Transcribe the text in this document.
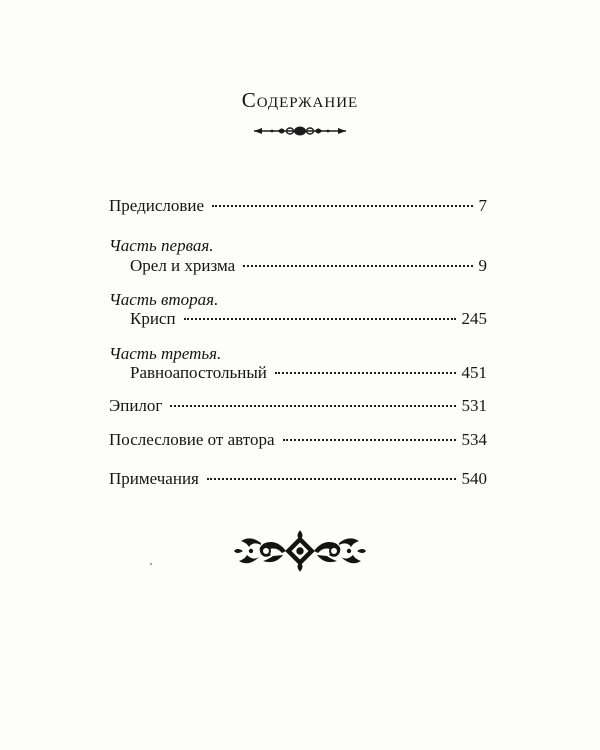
Содержание
Предисловие	7
Часть первая.
Орел и хризма	9
Часть вторая.
Крисп	245
Часть третья.
Равноапостольный	451
Эпилог	531
Послесловие от автора	534
Примечания	540
